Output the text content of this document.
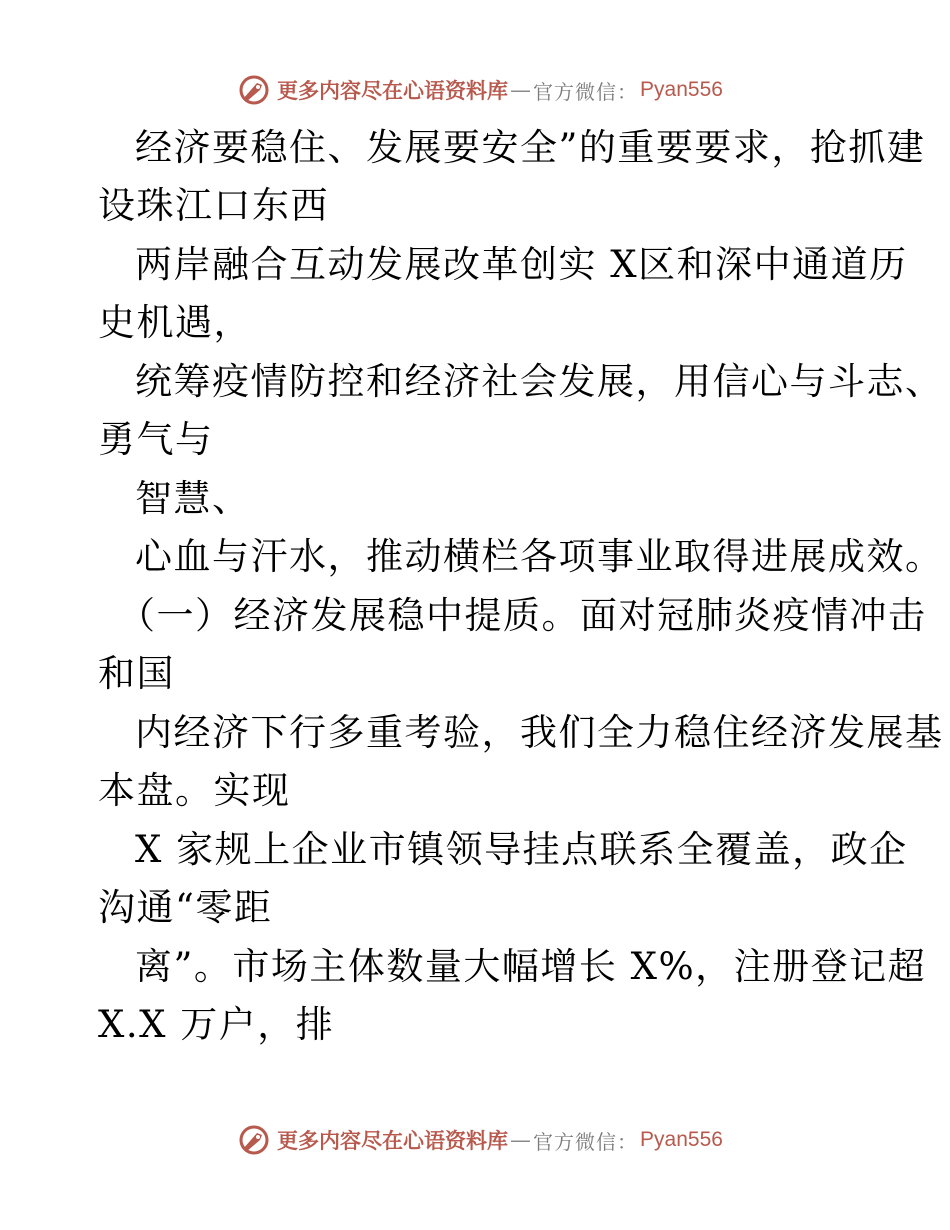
更多内容尽在心语资料库 — 官方微信： Pyan556
经济要稳住、发展要安全”的重要要求，抢抓建
设珠江口东西
两岸融合互动发展改革创实 X区和深中通道历
史机遇，
统筹疫情防控和经济社会发展，用信心与斗志、
勇气与
智慧、
心血与汗水，推动横栏各项事业取得进展成效。
（一）经济发展稳中提质。面对冠肺炎疫情冲击
和国
内经济下行多重考验，我们全力稳住经济发展基
本盘。实现
X 家规上企业市镇领导挂点联系全覆盖，政企
沟通“零距
离”。市场主体数量大幅增长 X%，注册登记超
X.X 万户，排
更多内容尽在心语资料库 — 官方微信： Pyan556
